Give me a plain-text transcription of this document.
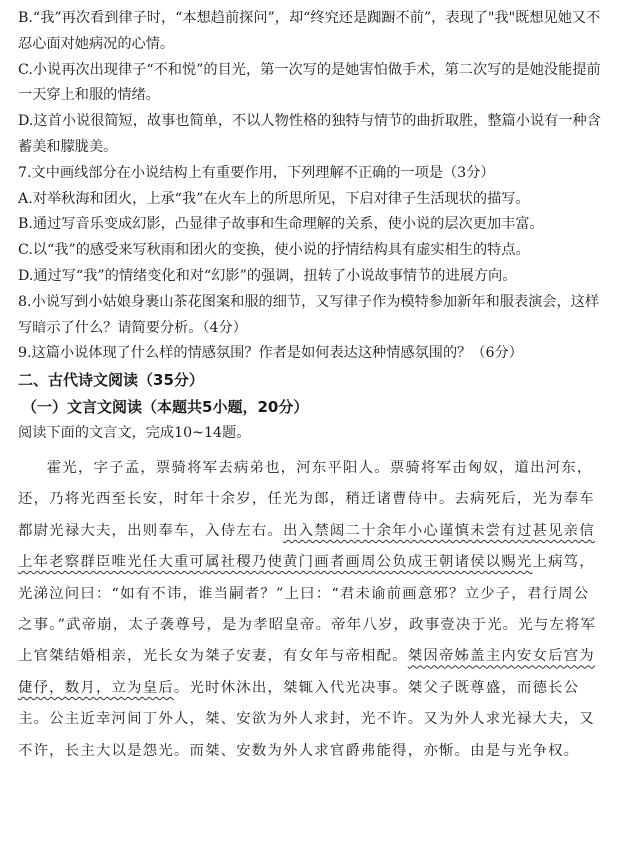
B.“我”再次看到律子时，“本想趋前探问”，却“终究还是踟蹰不前”，表现了"我"既想见她又不忍心面对她病况的心情。

C.小说再次出现律子“不和悦”的目光，第一次写的是她害怕做手术，第二次写的是她没能提前一天穿上和服的情绪。

D.这首小说很简短，故事也简单，不以人物性格的独特与情节的曲折取胜，整篇小说有一种含蓄美和朦胧美。

7.文中画线部分在小说结构上有重要作用，下列理解不正确的一项是（3分）

A.对举秋海和团火，上承“我”在火车上的所思所见，下启对律子生活现状的描写。

B.通过写音乐变成幻影，凸显律子故事和生命理解的关系，使小说的层次更加丰富。

C.以“我”的感受来写秋雨和团火的变换，使小说的抒情结构具有虚实相生的特点。

D.通过写“我”的情绪变化和对“幻影”的强调，扭转了小说故事情节的进展方向。

8.小说写到小姑娘身裹山茶花图案和服的细节，又写律子作为模特参加新年和服表演会，这样写暗示了什么？请简要分析。（4分）

9.这篇小说体现了什么样的情感氛围？作者是如何表达这种情感氛围的？（6分）

二、古代诗文阅读（35分）

（一）文言文阅读（本题共5小题，20分）

阅读下面的文言文，完成10~14题。

霍光，字子孟，票骑将军去病弟也，河东平阳人。票骑将军击匈奴，道出河东，还，乃将光西至长安，时年十余岁，任光为郎，稍迁诸曹侍中。去病死后，光为奉车都尉光禄大夫，出则奉车，入侍左右。出入禁闼二十余年小心谨慎未尝有过甚见亲信上年老察群臣唯光任大重可属社稷乃使黄门画者画周公负成王朝诸侯以赐光上病笃，光涕泣问曰：“如有不讳，谁当嗣者？”上曰：“君未谕前画意邪？立少子，君行周公之事。”武帝崩，太子袭尊号，是为孝昭皇帝。帝年八岁，政事壹决于光。光与左将军上官桀结婚相亲，光长女为桀子安妻，有女年与帝相配。桀因帝姊盖主内安女后宫为倢伃，数月，立为皇后。光时休沐出，桀辄入代光决事。桀父子既尊盛，而德长公主。公主近幸河间丁外人，桀、安欲为外人求封，光不许。又为外人求光禄大夫，又不许，长主大以是怨光。而桀、安数为外人求官爵弗能得，亦惭。由是与光争权。
